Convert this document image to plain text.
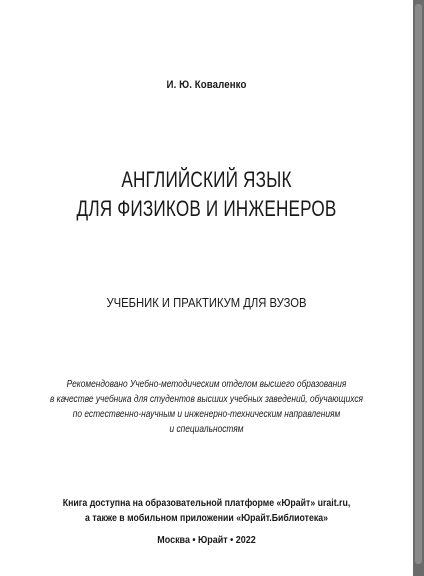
И. Ю. Коваленко
АНГЛИЙСКИЙ ЯЗЫК
ДЛЯ ФИЗИКОВ И ИНЖЕНЕРОВ
УЧЕБНИК И ПРАКТИКУМ ДЛЯ ВУЗОВ
Рекомендовано Учебно-методическим отделом высшего образования
в качестве учебника для студентов высших учебных заведений, обучающихся
по естественно-научным и инженерно-техническим направлениям
и специальностям
Книга доступна на образовательной платформе «Юрайт» urait.ru,
а также в мобильном приложении «Юрайт.Библиотека»
Москва • Юрайт • 2022
